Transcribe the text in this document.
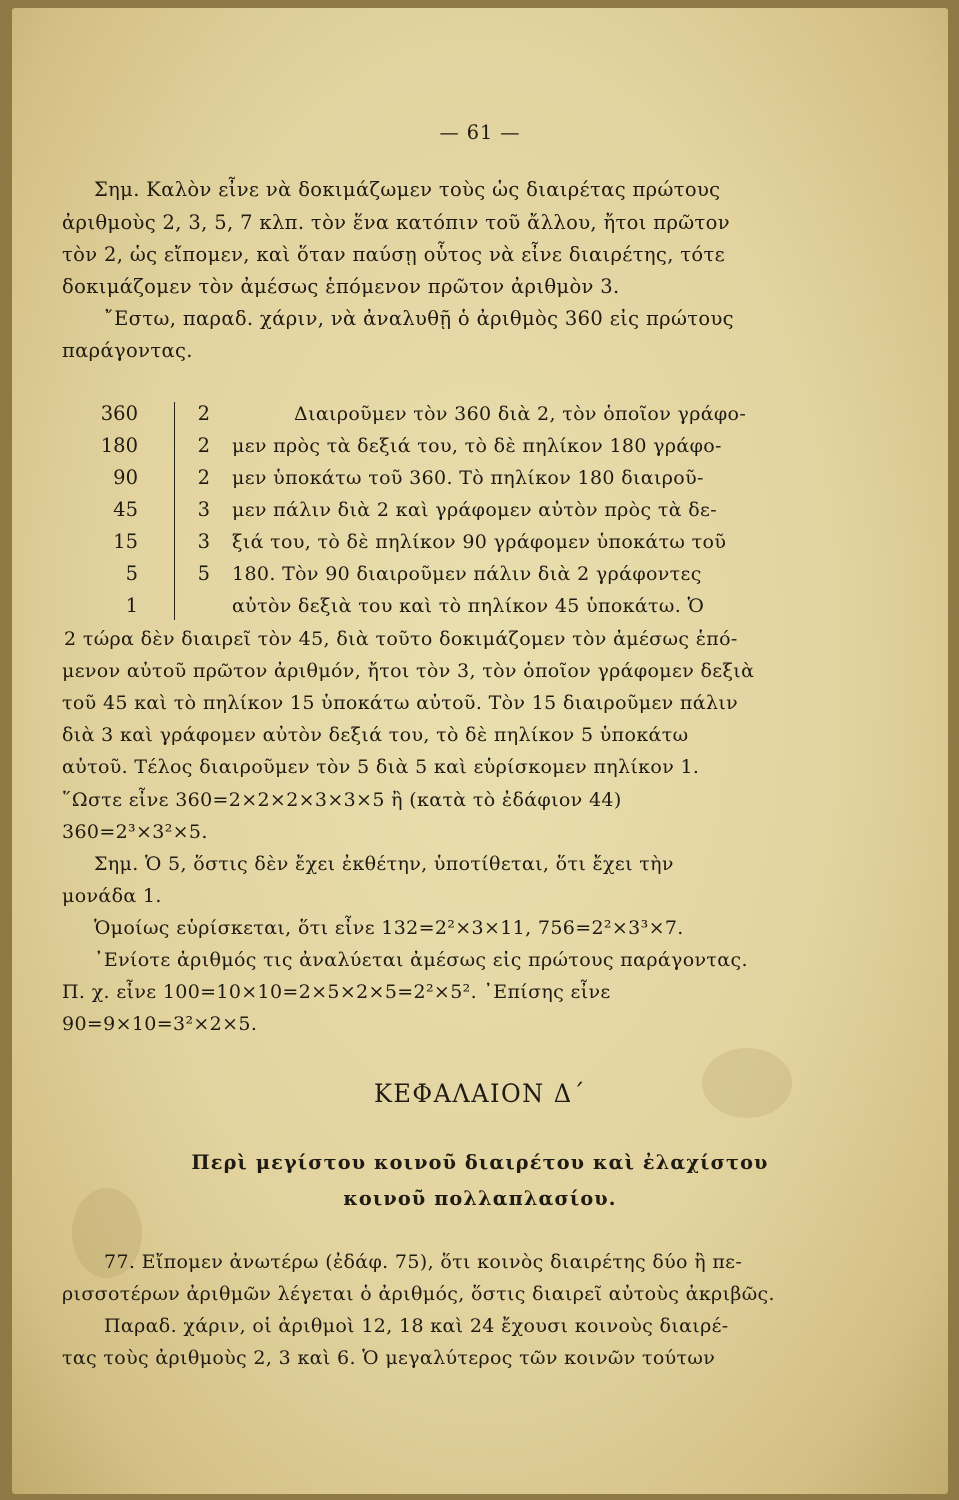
— 61 —

Σημ. Καλὸν εἶνε νὰ δοκιμάζωμεν τοὺς ὡς διαιρέτας πρώτους

ἀριθμοὺς 2, 3, 5, 7 κλπ. τὸν ἕνα κατόπιν τοῦ ἄλλου, ἤτοι πρῶτον

τὸν 2, ὡς εἴπομεν, καὶ ὅταν παύσῃ οὗτος νὰ εἶνε διαιρέτης, τότε

δοκιμάζομεν τὸν ἀμέσως ἑπόμενον πρῶτον ἀριθμὸν 3.

῎Εστω, παραδ. χάριν, νὰ ἀναλυθῇ ὁ ἀριθμὸς 360 εἰς πρώτους

παράγοντας.

360
180
90
45
15
5
1
2
2
2
3
3
5

Διαιροῦμεν τὸν 360 διὰ 2, τὸν ὁποῖον γράφο-

μεν πρὸς τὰ δεξιά του, τὸ δὲ πηλίκον 180 γράφο-

μεν ὑποκάτω τοῦ 360. Τὸ πηλίκον 180 διαιροῦ-

μεν πάλιν διὰ 2 καὶ γράφομεν αὐτὸν πρὸς τὰ δε-

ξιά του, τὸ δὲ πηλίκον 90 γράφομεν ὑποκάτω τοῦ

180. Τὸν 90 διαιροῦμεν πάλιν διὰ 2 γράφοντες

αὐτὸν δεξιὰ του καὶ τὸ πηλίκον 45 ὑποκάτω. Ὁ

2 τώρα δὲν διαιρεῖ τὸν 45, διὰ τοῦτο δοκιμάζομεν τὸν ἀμέσως ἑπό-

μενον αὐτοῦ πρῶτον ἀριθμόν, ἤτοι τὸν 3, τὸν ὁποῖον γράφομεν δεξιὰ

τοῦ 45 καὶ τὸ πηλίκον 15 ὑποκάτω αὐτοῦ. Τὸν 15 διαιροῦμεν πάλιν

διὰ 3 καὶ γράφομεν αὐτὸν δεξιά του, τὸ δὲ πηλίκον 5 ὑποκάτω

αὐτοῦ. Τέλος διαιροῦμεν τὸν 5 διὰ 5 καὶ εὑρίσκομεν πηλίκον 1.

῞Ωστε εἶνε 360=2×2×2×3×3×5 ἢ (κατὰ τὸ ἐδάφιον 44)

360=2³×3²×5.

Σημ. Ὁ 5, ὅστις δὲν ἔχει ἐκθέτην, ὑποτίθεται, ὅτι ἔχει τὴν

μονάδα 1.

Ὁμοίως εὑρίσκεται, ὅτι εἶνε 132=2²×3×11, 756=2²×3³×7.

᾿Ενίοτε ἀριθμός τις ἀναλύεται ἀμέσως εἰς πρώτους παράγοντας.

Π. χ. εἶνε 100=10×10=2×5×2×5=2²×5². ᾿Επίσης εἶνε

90=9×10=3²×2×5.

ΚΕΦΑΛΑΙΟΝ Δ΄

Περὶ μεγίστου κοινοῦ διαιρέτου καὶ ἐλαχίστου

κοινοῦ πολλαπλασίου.

77. Εἴπομεν ἀνωτέρω (ἐδάφ. 75), ὅτι κοινὸς διαιρέτης δύο ἢ πε-

ρισσοτέρων ἀριθμῶν λέγεται ὁ ἀριθμός, ὅστις διαιρεῖ αὐτοὺς ἀκριβῶς.

Παραδ. χάριν, οἱ ἀριθμοὶ 12, 18 καὶ 24 ἔχουσι κοινοὺς διαιρέ-

τας τοὺς ἀριθμοὺς 2, 3 καὶ 6. Ὁ μεγαλύτερος τῶν κοινῶν τούτων
